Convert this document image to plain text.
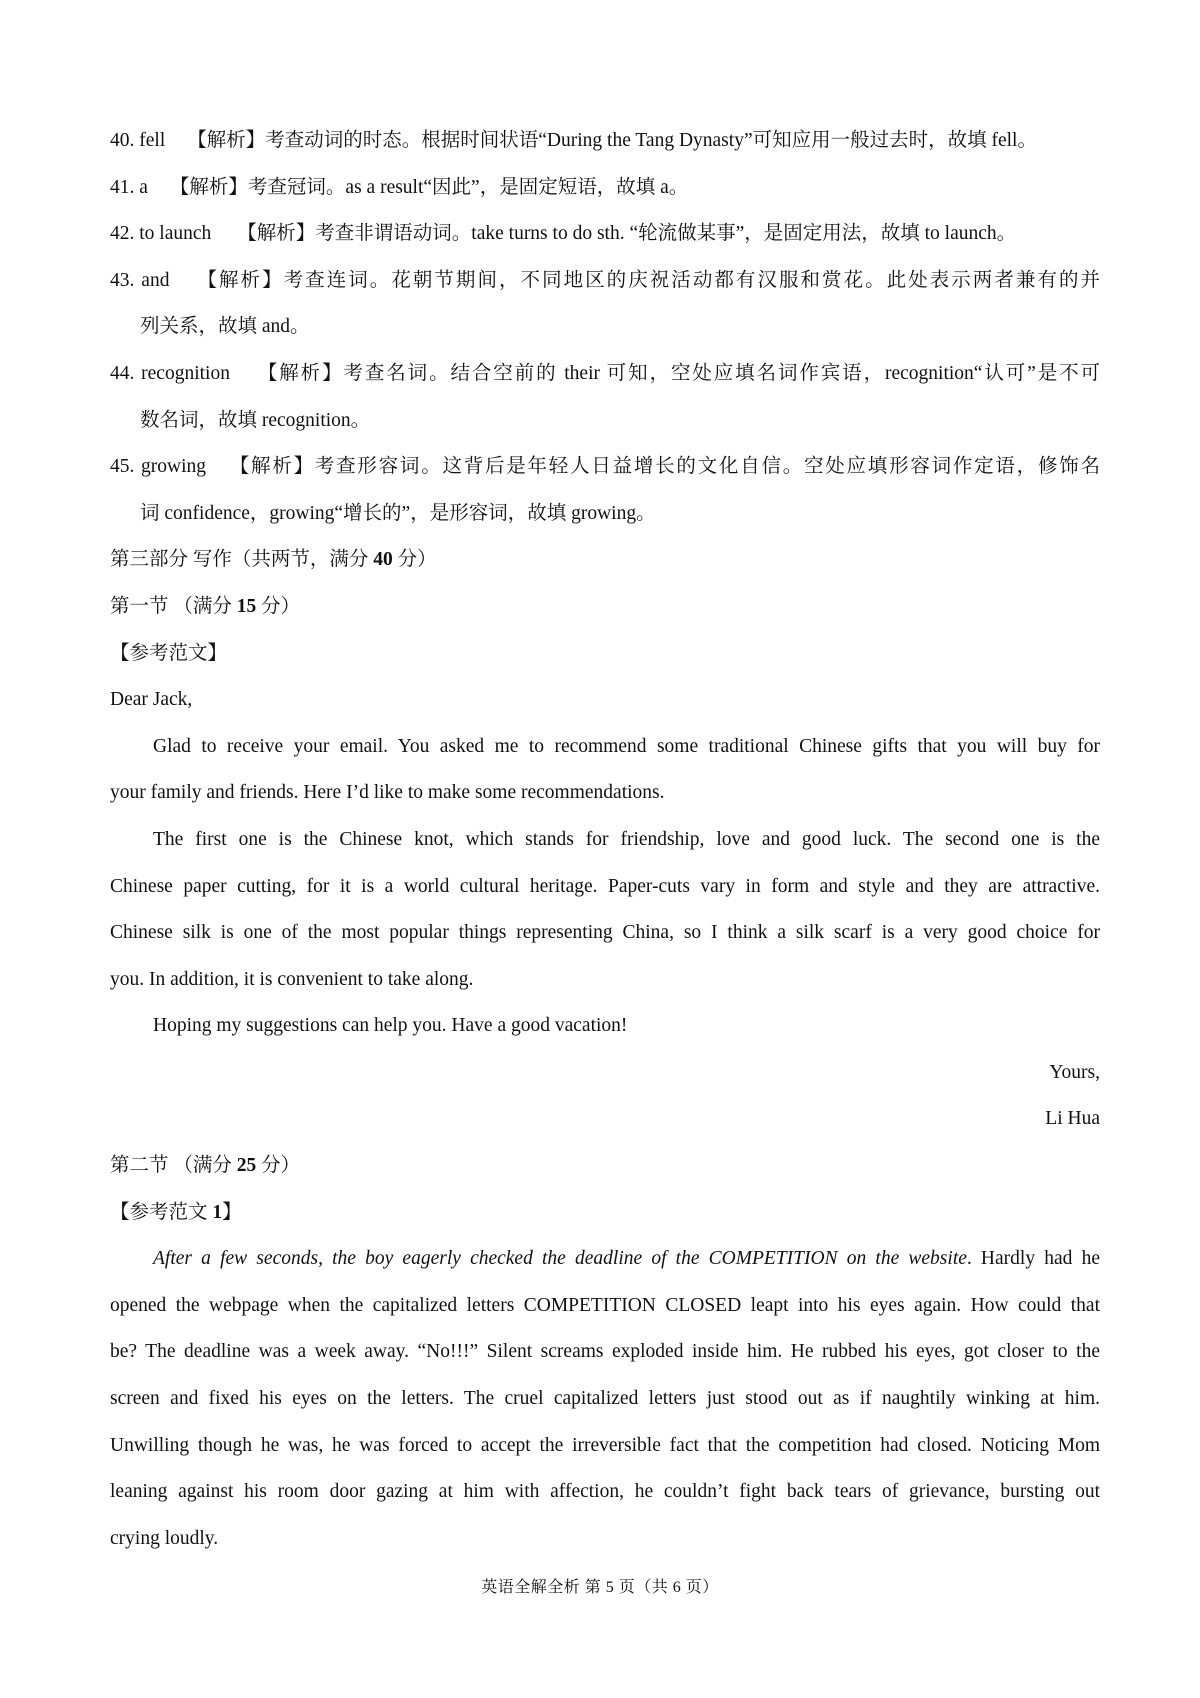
40. fell 【解析】考查动词的时态。根据时间状语“During the Tang Dynasty”可知应用一般过去时，故填 fell。
41. a 【解析】考查冠词。as a result“因此”，是固定短语，故填 a。
42. to launch 【解析】考查非谓语动词。take turns to do sth. “轮流做某事”，是固定用法，故填 to launch。
43. and 【解析】考查连词。花朝节期间，不同地区的庆祝活动都有汉服和赏花。此处表示两者兼有的并
列关系，故填 and。
44. recognition 【解析】考查名词。结合空前的 their 可知，空处应填名词作宾语，recognition“认可”是不可
数名词，故填 recognition。
45. growing 【解析】考查形容词。这背后是年轻人日益增长的文化自信。空处应填形容词作定语，修饰名
词 confidence，growing“增长的”，是形容词，故填 growing。
第三部分 写作（共两节，满分 40 分）
第一节 （满分 15 分）
【参考范文】
Dear Jack,
Glad to receive your email. You asked me to recommend some traditional Chinese gifts that you will buy for
your family and friends. Here I’d like to make some recommendations.
The first one is the Chinese knot, which stands for friendship, love and good luck. The second one is the
Chinese paper cutting, for it is a world cultural heritage. Paper-cuts vary in form and style and they are attractive.
Chinese silk is one of the most popular things representing China, so I think a silk scarf is a very good choice for
you. In addition, it is convenient to take along.
Hoping my suggestions can help you. Have a good vacation!
Yours,
Li Hua
第二节 （满分 25 分）
【参考范文 1】
After a few seconds, the boy eagerly checked the deadline of the COMPETITION on the website. Hardly had he
opened the webpage when the capitalized letters COMPETITION CLOSED leapt into his eyes again. How could that
be? The deadline was a week away. “No!!!” Silent screams exploded inside him. He rubbed his eyes, got closer to the
screen and fixed his eyes on the letters. The cruel capitalized letters just stood out as if naughtily winking at him.
Unwilling though he was, he was forced to accept the irreversible fact that the competition had closed. Noticing Mom
leaning against his room door gazing at him with affection, he couldn’t fight back tears of grievance, bursting out
crying loudly.
英语全解全析 第 5 页（共 6 页）
